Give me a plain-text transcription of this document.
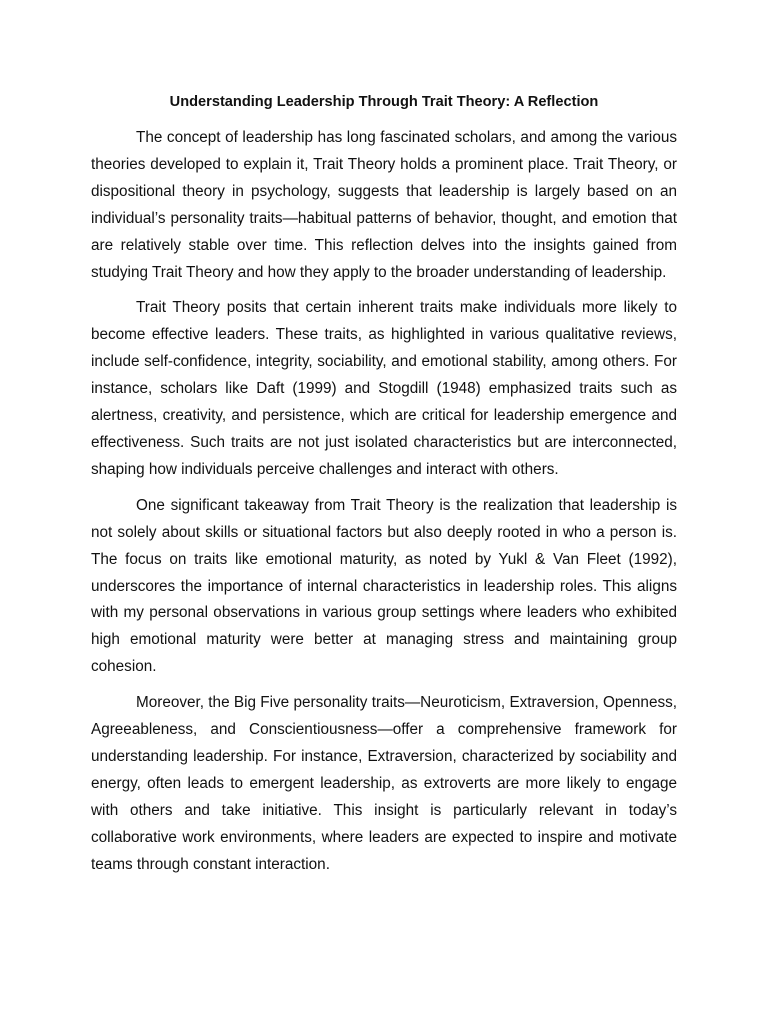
Understanding Leadership Through Trait Theory: A Reflection

The concept of leadership has long fascinated scholars, and among the various theories developed to explain it, Trait Theory holds a prominent place. Trait Theory, or dispositional theory in psychology, suggests that leadership is largely based on an individual’s personality traits—habitual patterns of behavior, thought, and emotion that are relatively stable over time. This reflection delves into the insights gained from studying Trait Theory and how they apply to the broader understanding of leadership.

Trait Theory posits that certain inherent traits make individuals more likely to become effective leaders. These traits, as highlighted in various qualitative reviews, include self-confidence, integrity, sociability, and emotional stability, among others. For instance, scholars like Daft (1999) and Stogdill (1948) emphasized traits such as alertness, creativity, and persistence, which are critical for leadership emergence and effectiveness. Such traits are not just isolated characteristics but are interconnected, shaping how individuals perceive challenges and interact with others.

One significant takeaway from Trait Theory is the realization that leadership is not solely about skills or situational factors but also deeply rooted in who a person is. The focus on traits like emotional maturity, as noted by Yukl & Van Fleet (1992), underscores the importance of internal characteristics in leadership roles. This aligns with my personal observations in various group settings where leaders who exhibited high emotional maturity were better at managing stress and maintaining group cohesion.

Moreover, the Big Five personality traits—Neuroticism, Extraversion, Openness, Agreeableness, and Conscientiousness—offer a comprehensive framework for understanding leadership. For instance, Extraversion, characterized by sociability and energy, often leads to emergent leadership, as extroverts are more likely to engage with others and take initiative. This insight is particularly relevant in today’s collaborative work environments, where leaders are expected to inspire and motivate teams through constant interaction.
